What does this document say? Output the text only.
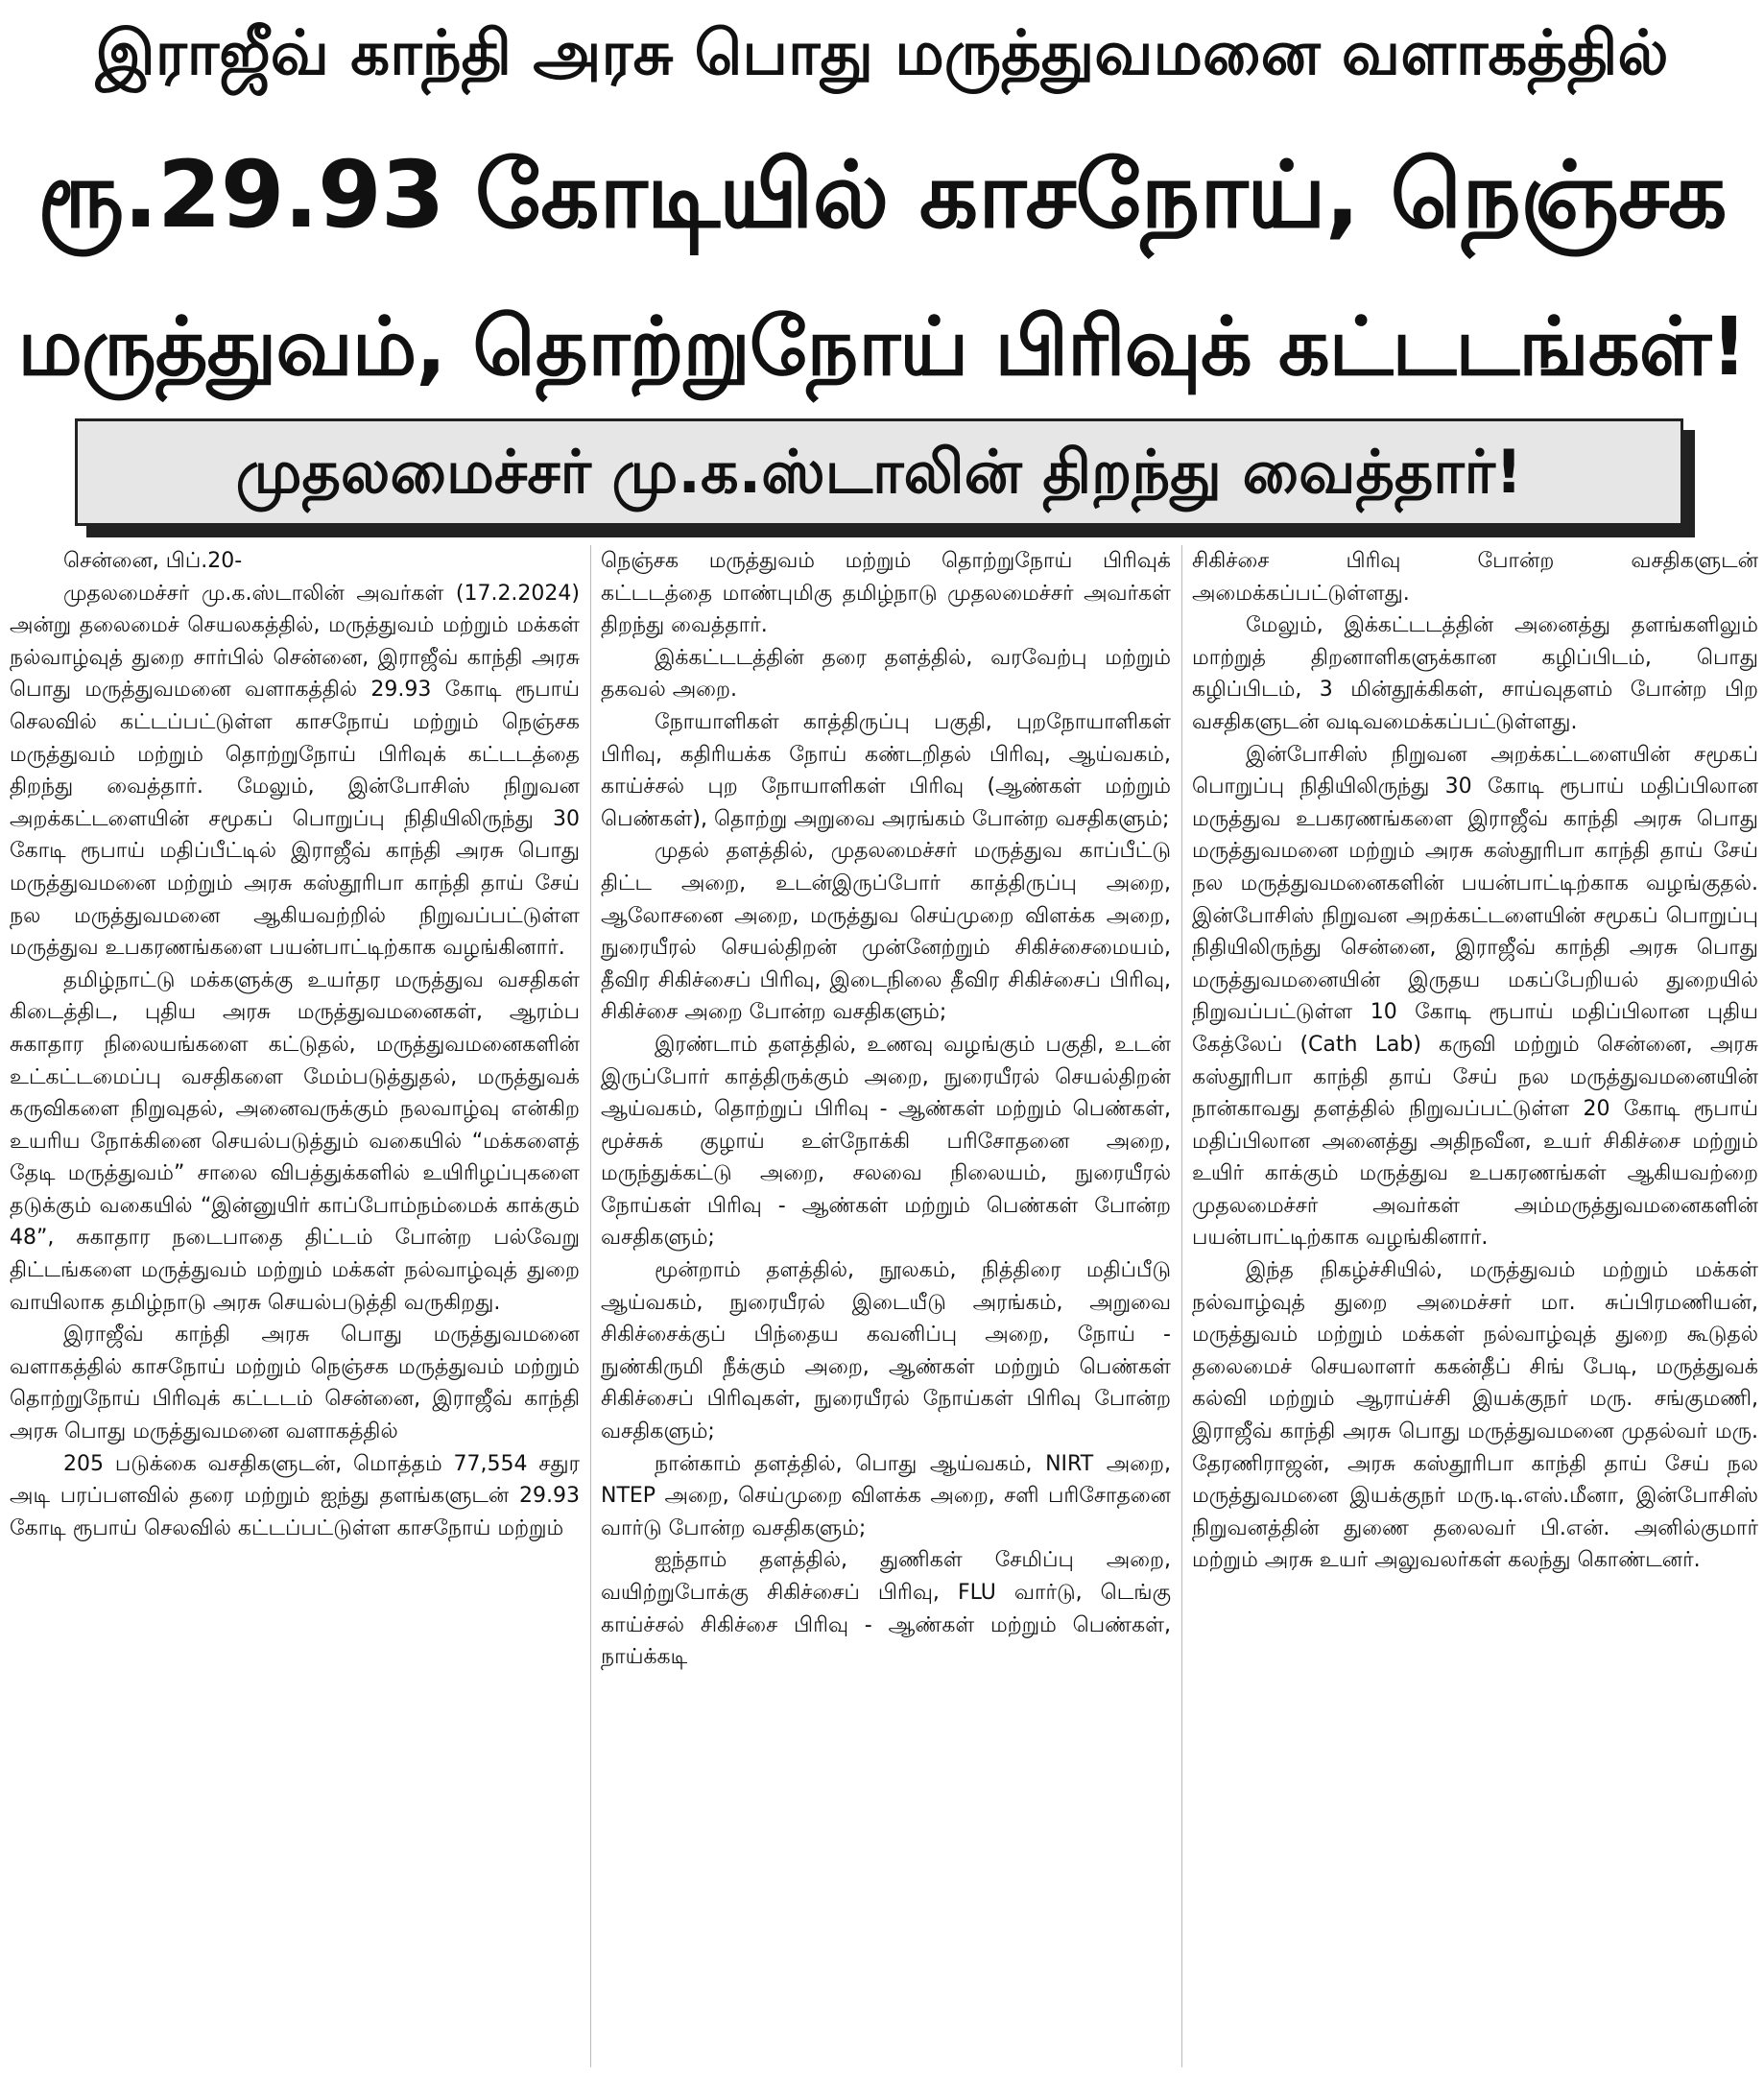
இராஜீவ் காந்தி அரசு பொது மருத்துவமனை வளாகத்தில்
ரூ.29.93 கோடியில் காசநோய், நெஞ்சக
மருத்துவம், தொற்றுநோய் பிரிவுக் கட்டடங்கள்!
முதலமைச்சர் மு.க.ஸ்டாலின் திறந்து வைத்தார்!

சென்னை, பிப்.20-

முதலமைச்சர் மு.க.ஸ்டாலின் அவர்கள் (17.2.2024) அன்று தலைமைச் செயலகத்தில், மருத்துவம் மற்றும் மக்கள் நல்வாழ்வுத் துறை சார்பில் சென்னை, இராஜீவ் காந்தி அரசு பொது மருத்துவமனை வளாகத்தில் 29.93 கோடி ரூபாய் செலவில் கட்டப்பட்டுள்ள காசநோய் மற்றும் நெஞ்சக மருத்துவம் மற்றும் தொற்றுநோய் பிரிவுக் கட்டடத்தை திறந்து வைத்தார். மேலும், இன்போசிஸ் நிறுவன அறக்கட்டளையின் சமூகப் பொறுப்பு நிதியிலிருந்து 30 கோடி ரூபாய் மதிப்பீட்டில் இராஜீவ் காந்தி அரசு பொது மருத்துவமனை மற்றும் அரசு கஸ்தூரிபா காந்தி தாய் சேய் நல மருத்துவமனை ஆகியவற்றில் நிறுவப்பட்டுள்ள மருத்துவ உபகரணங்களை பயன்பாட்டிற்காக வழங்கினார்.

தமிழ்நாட்டு மக்களுக்கு உயர்தர மருத்துவ வசதிகள் கிடைத்திட, புதிய அரசு மருத்துவமனைகள், ஆரம்ப சுகாதார நிலையங்களை கட்டுதல், மருத்துவமனைகளின் உட்கட்டமைப்பு வசதிகளை மேம்படுத்துதல், மருத்துவக் கருவிகளை நிறுவுதல், அனைவருக்கும் நலவாழ்வு என்கிற உயரிய நோக்கினை செயல்படுத்தும் வகையில் “மக்களைத் தேடி மருத்துவம்” சாலை விபத்துக்களில் உயிரிழப்புகளை தடுக்கும் வகையில் “இன்னுயிர் காப்போம்நம்மைக் காக்கும் 48”, சுகாதார நடைபாதை திட்டம் போன்ற பல்வேறு திட்டங்களை மருத்துவம் மற்றும் மக்கள் நல்வாழ்வுத் துறை வாயிலாக தமிழ்நாடு அரசு செயல்படுத்தி வருகிறது.

இராஜீவ் காந்தி அரசு பொது மருத்துவமனை வளாகத்தில் காசநோய் மற்றும் நெஞ்சக மருத்துவம் மற்றும் தொற்றுநோய் பிரிவுக் கட்டடம் சென்னை, இராஜீவ் காந்தி அரசு பொது மருத்துவமனை வளாகத்தில்

205 படுக்கை வசதிகளுடன், மொத்தம் 77,554 சதுர அடி பரப்பளவில் தரை மற்றும் ஐந்து தளங்களுடன் 29.93 கோடி ரூபாய் செலவில் கட்டப்பட்டுள்ள காசநோய் மற்றும்

நெஞ்சக மருத்துவம் மற்றும் தொற்றுநோய் பிரிவுக் கட்டடத்தை மாண்புமிகு தமிழ்நாடு முதலமைச்சர் அவர்கள் திறந்து வைத்தார்.

இக்கட்டடத்தின் தரை தளத்தில், வரவேற்பு மற்றும் தகவல் அறை.

நோயாளிகள் காத்திருப்பு பகுதி, புறநோயாளிகள் பிரிவு, கதிரியக்க நோய் கண்டறிதல் பிரிவு, ஆய்வகம், காய்ச்சல் புற நோயாளிகள் பிரிவு (ஆண்கள் மற்றும் பெண்கள்), தொற்று அறுவை அரங்கம் போன்ற வசதிகளும்;

முதல் தளத்தில், முதலமைச்சர் மருத்துவ காப்பீட்டு திட்ட அறை, உடன்இருப்போர் காத்திருப்பு அறை, ஆலோசனை அறை, மருத்துவ செய்முறை விளக்க அறை, நுரையீரல் செயல்திறன் முன்னேற்றும் சிகிச்சைமையம், தீவிர சிகிச்சைப் பிரிவு, இடைநிலை தீவிர சிகிச்சைப் பிரிவு, சிகிச்சை அறை போன்ற வசதிகளும்;

இரண்டாம் தளத்தில், உணவு வழங்கும் பகுதி, உடன் இருப்போர் காத்திருக்கும் அறை, நுரையீரல் செயல்திறன் ஆய்வகம், தொற்றுப் பிரிவு - ஆண்கள் மற்றும் பெண்கள், மூச்சுக் குழாய் உள்நோக்கி பரிசோதனை அறை, மருந்துக்கட்டு அறை, சலவை நிலையம், நுரையீரல் நோய்கள் பிரிவு - ஆண்கள் மற்றும் பெண்கள் போன்ற வசதிகளும்;

மூன்றாம் தளத்தில், நூலகம், நித்திரை மதிப்பீடு ஆய்வகம், நுரையீரல் இடையீடு அரங்கம், அறுவை சிகிச்சைக்குப் பிந்தைய கவனிப்பு அறை, நோய் - நுண்கிருமி நீக்கும் அறை, ஆண்கள் மற்றும் பெண்கள் சிகிச்சைப் பிரிவுகள், நுரையீரல் நோய்கள் பிரிவு போன்ற வசதிகளும்;

நான்காம் தளத்தில், பொது ஆய்வகம், NIRT அறை, NTEP அறை, செய்முறை விளக்க அறை, சளி பரிசோதனை வார்டு போன்ற வசதிகளும்;

ஐந்தாம் தளத்தில், துணிகள் சேமிப்பு அறை, வயிற்றுபோக்கு சிகிச்சைப் பிரிவு, FLU வார்டு, டெங்கு காய்ச்சல் சிகிச்சை பிரிவு - ஆண்கள் மற்றும் பெண்கள், நாய்க்கடி

சிகிச்சை பிரிவு போன்ற வசதிகளுடன் அமைக்கப்பட்டுள்ளது.

மேலும், இக்கட்டடத்தின் அனைத்து தளங்களிலும் மாற்றுத் திறனாளிகளுக்கான கழிப்பிடம், பொது கழிப்பிடம், 3 மின்தூக்கிகள், சாய்வுதளம் போன்ற பிற வசதிகளுடன் வடிவமைக்கப்பட்டுள்ளது.

இன்போசிஸ் நிறுவன அறக்கட்டளையின் சமூகப் பொறுப்பு நிதியிலிருந்து 30 கோடி ரூபாய் மதிப்பிலான மருத்துவ உபகரணங்களை இராஜீவ் காந்தி அரசு பொது மருத்துவமனை மற்றும் அரசு கஸ்தூரிபா காந்தி தாய் சேய் நல மருத்துவமனைகளின் பயன்பாட்டிற்காக வழங்குதல். இன்போசிஸ் நிறுவன அறக்கட்டளையின் சமூகப் பொறுப்பு நிதியிலிருந்து சென்னை, இராஜீவ் காந்தி அரசு பொது மருத்துவமனையின் இருதய மகப்பேறியல் துறையில் நிறுவப்பட்டுள்ள 10 கோடி ரூபாய் மதிப்பிலான புதிய கேத்லேப் (Cath Lab) கருவி மற்றும் சென்னை, அரசு கஸ்தூரிபா காந்தி தாய் சேய் நல மருத்துவமனையின் நான்காவது தளத்தில் நிறுவப்பட்டுள்ள 20 கோடி ரூபாய் மதிப்பிலான அனைத்து அதிநவீன, உயர் சிகிச்சை மற்றும் உயிர் காக்கும் மருத்துவ உபகரணங்கள் ஆகியவற்றை முதலமைச்சர் அவர்கள் அம்மருத்துவமனைகளின் பயன்பாட்டிற்காக வழங்கினார்.

இந்த நிகழ்ச்சியில், மருத்துவம் மற்றும் மக்கள் நல்வாழ்வுத் துறை அமைச்சர் மா. சுப்பிரமணியன், மருத்துவம் மற்றும் மக்கள் நல்வாழ்வுத் துறை கூடுதல் தலைமைச் செயலாளர் ககன்தீப் சிங் பேடி, மருத்துவக் கல்வி மற்றும் ஆராய்ச்சி இயக்குநர் மரு. சங்குமணி, இராஜீவ் காந்தி அரசு பொது மருத்துவமனை முதல்வர் மரு. தேரணிராஜன், அரசு கஸ்தூரிபா காந்தி தாய் சேய் நல மருத்துவமனை இயக்குநர் மரு.டி.எஸ்.மீனா, இன்போசிஸ் நிறுவனத்தின் துணை தலைவர் பி.என். அனில்குமார் மற்றும் அரசு உயர் அலுவலர்கள் கலந்து கொண்டனர்.
